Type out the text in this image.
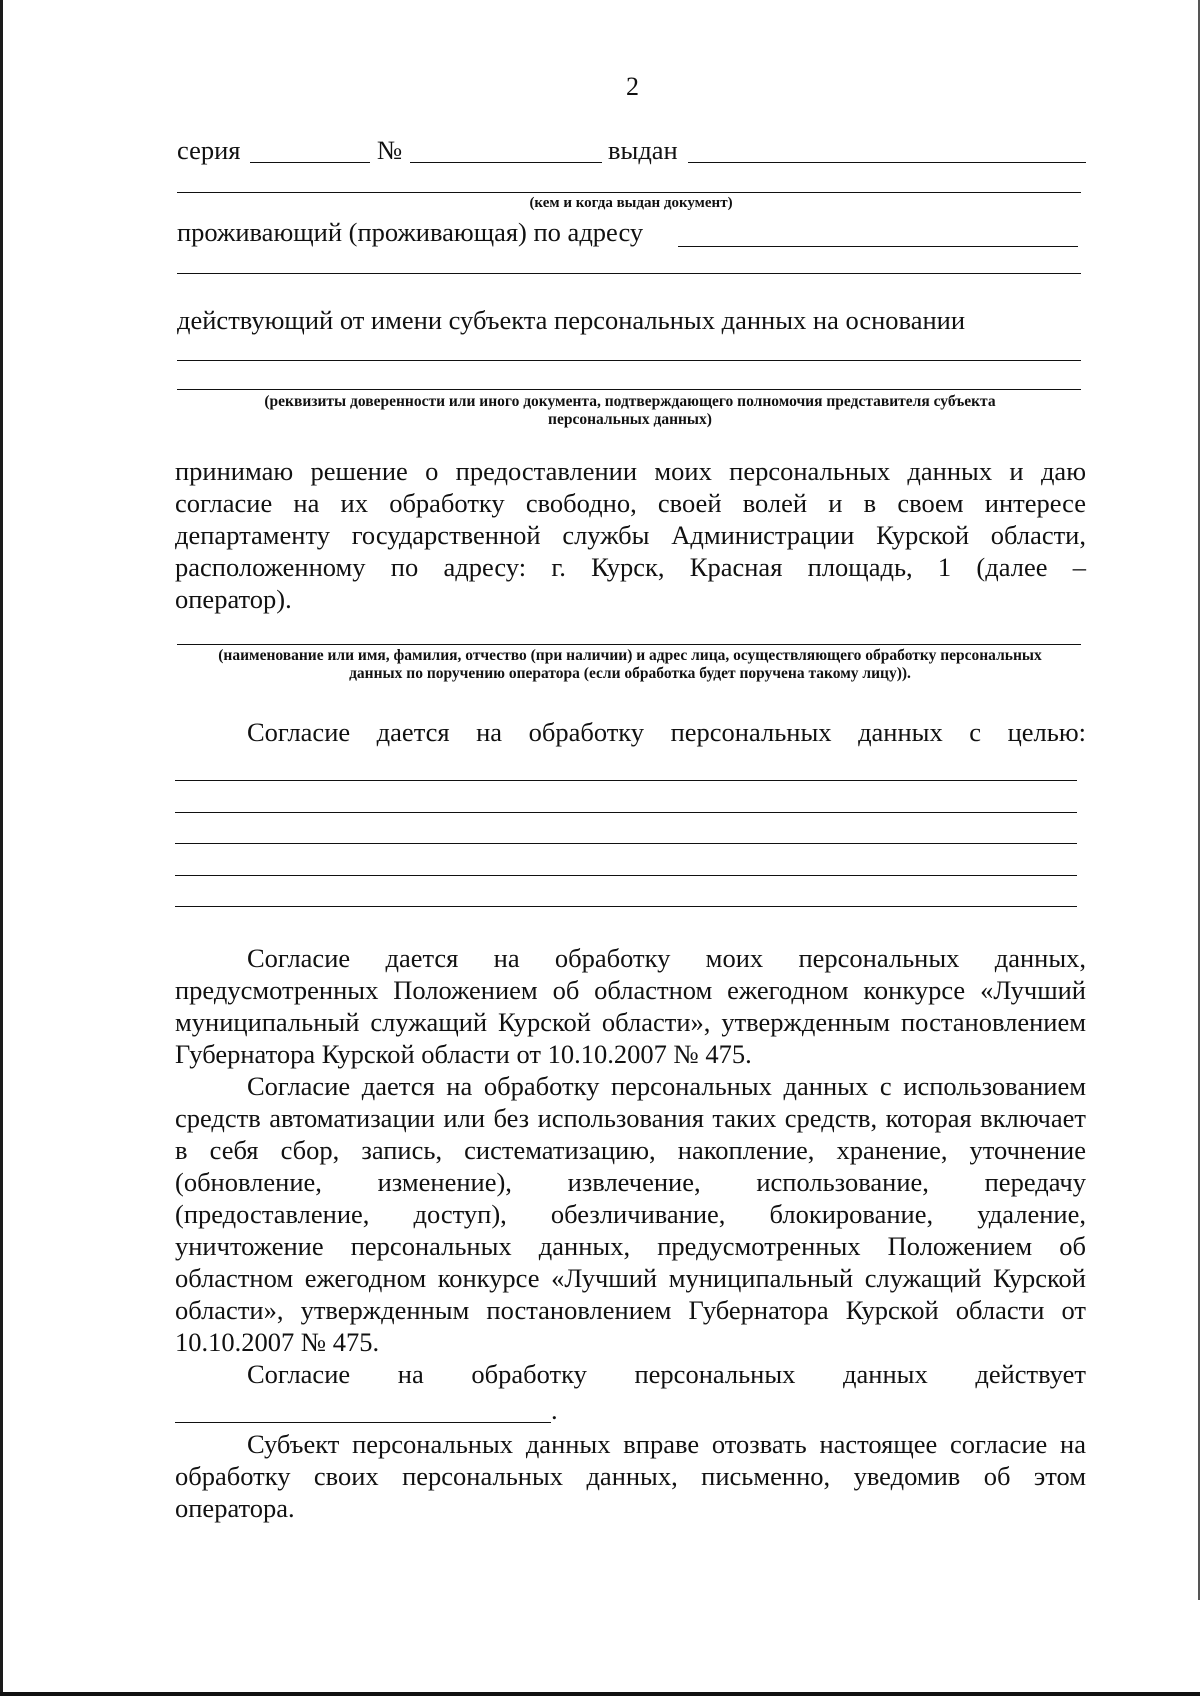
2
серия	№	выдан
(кем и когда выдан документ)
проживающий (проживающая) по адресу
действующий от имени субъекта персональных данных на основании
(реквизиты доверенности или иного документа, подтверждающего полномочия представителя субъекта
персональных данных)

принимаю решение о предоставлении моих персональных данных и даю

согласие на их обработку свободно, своей волей и в своем интересе

департаменту государственной службы Администрации Курской области,

расположенному по адресу: г. Курск, Красная площадь, 1 (далее –

оператор).

(наименование или имя, фамилия, отчество (при наличии) и адрес лица, осуществляющего обработку персональных
данных по поручению оператора (если обработка будет поручена такому лицу)).

Согласие дается на обработку персональных данных с целью:

Согласие дается на обработку моих персональных данных, предусмотренных Положением об областном ежегодном конкурсе «Лучший муниципальный служащий Курской области», утвержденным постановлением Губернатора Курской области от 10.10.2007 № 475.

Согласие дается на обработку персональных данных с использованием средств автоматизации или без использования таких средств, которая включает в себя сбор, запись, систематизацию, накопление, хранение, уточнение (обновление, изменение), извлечение, использование, передачу (предоставление, доступ), обезличивание, блокирование, удаление, уничтожение персональных данных, предусмотренных Положением об областном ежегодном конкурсе «Лучший муниципальный служащий Курской области», утвержденным постановлением Губернатора Курской области от 10.10.2007 № 475.

Согласие на обработку персональных данных действует

.

Субъект персональных данных вправе отозвать настоящее согласие на обработку своих персональных данных, письменно, уведомив об этом оператора.
